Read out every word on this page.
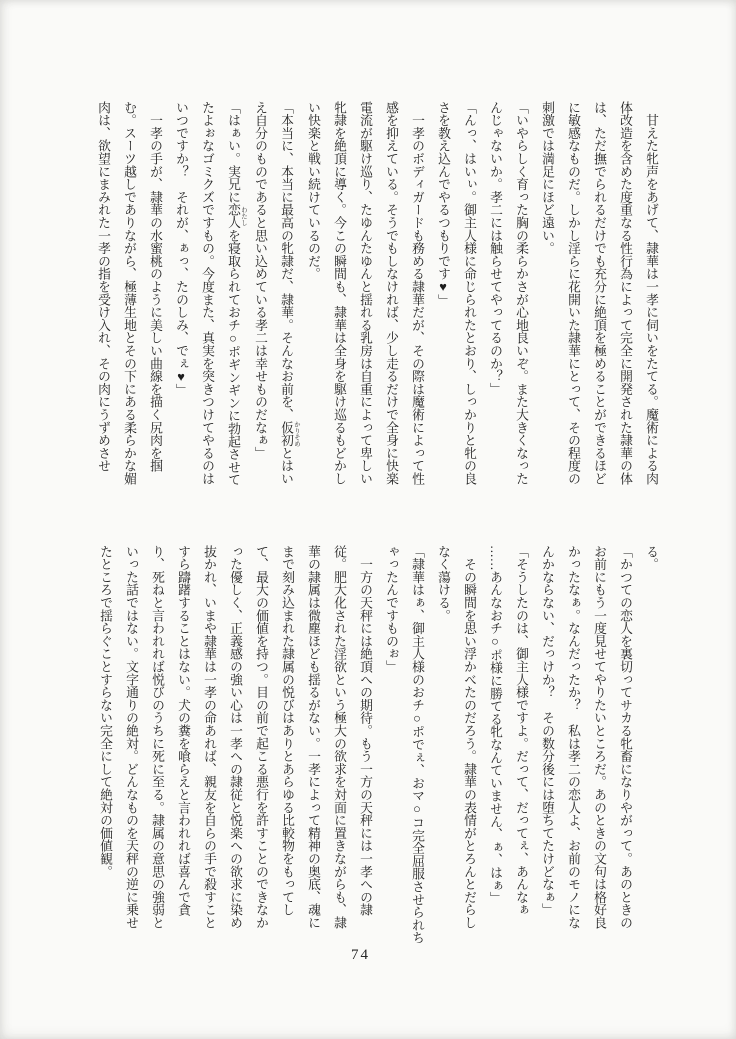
　甘えた牝声をあげて、隷華は一孝に伺いをたてる。魔術による肉
体改造を含めた度重なる性行為によって完全に開発された隷華の体
は、ただ撫でられるだけでも充分に絶頂を極めることができるほど
に敏感なものだ。しかし淫らに花開いた隷華にとって、その程度の
刺激では満足にほど遠い。
「いやらしく育った胸の柔らかさが心地良いぞ。また大きくなった
んじゃないか。孝二には触らせてやってるのか？」
「んっ、はいぃ。御主人様に命じられたとおり、しっかりと牝の良
さを教え込んでやるつもりです♥」
　一孝のボディガードも務める隷華だが、その際は魔術によって性
感を抑えている。そうでもしなければ、少し走るだけで全身に快楽
電流が駆け巡り、たゆんたゆんと揺れる乳房は自重によって卑しい
牝隷を絶頂に導く。今この瞬間も、隷華は全身を駆け巡るもどかし
い快楽と戦い続けているのだ。
「本当に、本当に最高の牝隷だ、隷華。そんなお前を、仮初 かりそめとはい
え自分のものであると思い込めている孝二は幸せものだなぁ」
「はぁい。実兄に恋人 わたしを寝取られておチ○ポギンギンに勃起させて
たよぉなゴミクズですもの。今度また、真実を突きつけてやるのは
いつですか？　それが、ぁっ、たのしみ、でぇ♥」
　一孝の手が、隷華の水蜜桃のように美しい曲線を描く尻肉を掴
む。スーツ越しでありながら、極薄生地とその下にある柔らかな媚
肉は、欲望にまみれた一孝の指を受け入れ、その肉にうずめさせ
る。
「かつての恋人を裏切ってサカる牝畜になりやがって。あのときの
お前にもう一度見せてやりたいところだ。あのときの文句は格好良
かったなぁ。なんだったか？　私は孝二の恋人よ、お前のモノにな
んかならない、だっけか？　その数分後には堕ちてたけどなぁ」
「そうしたのは、御主人様ですよ。だって、だってぇ、あんなぁ
……あんなおチ○ポ様に勝てる牝なんていません、ぁ、はぁ」
　その瞬間を思い浮かべたのだろう。隷華の表情がとろんとだらし
なく蕩ける。
「隷華はぁ、御主人様のおチ○ポでぇ、おマ○コ完全屈服させられち
ゃったんですものぉ」
　一方の天秤には絶頂への期待。もう一方の天秤には一孝への隷
従。肥大化された淫欲という極大の欲求を対面に置きながらも、隷
華の隷属は微塵ほども揺るがない。一孝によって精神の奥底、魂に
まで刻み込まれた隷属の悦びはありとあらゆる比較物をもってし
て、最大の価値を持つ。目の前で起こる悪行を許すことのできなか
った優しく、正義感の強い心は一孝への隷従と悦楽への欲求に染め
抜かれ、いまや隷華は一孝の命あれば、親友を自らの手で殺すこと
すら躊躇することはない。犬の糞を喰らえと言われれば喜んで貪
り、死ねと言われれば悦びのうちに死に至る。隷属の意思の強弱と
いった話ではない。文字通りの絶対。どんなものを天秤の逆に乗せ
たところで揺らぐことすらない完全にして絶対の価値観。
74
